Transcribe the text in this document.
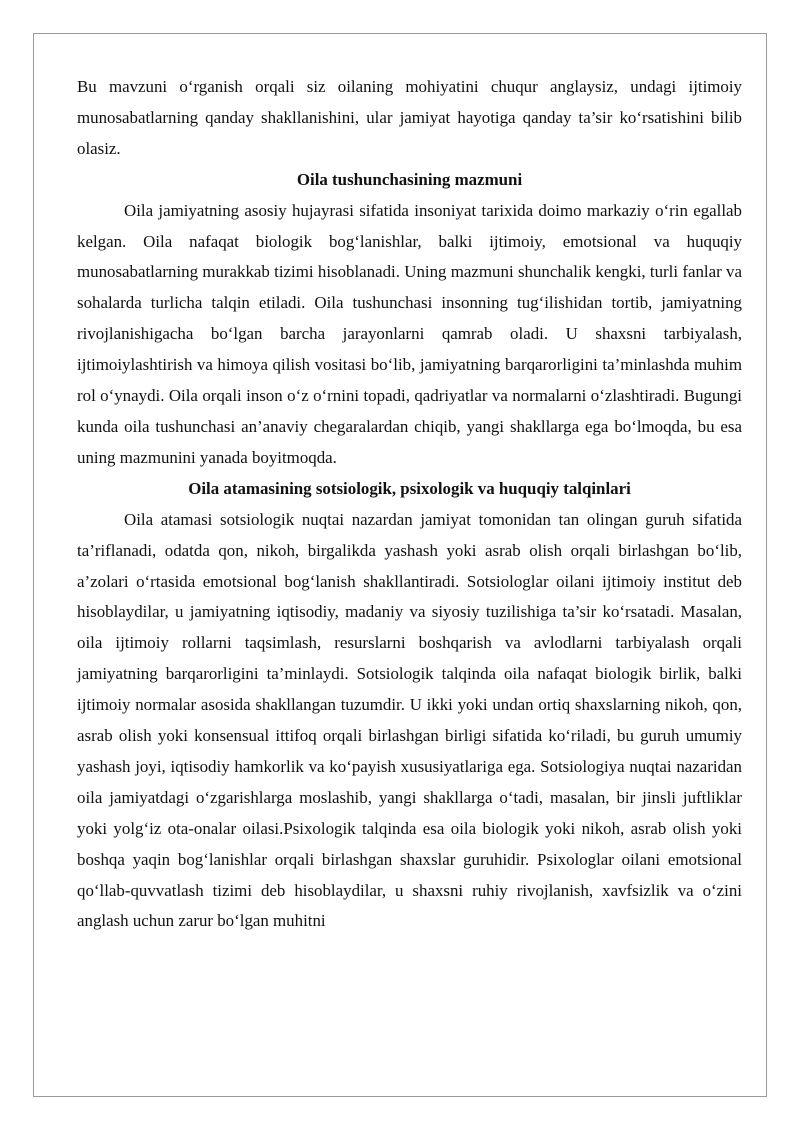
Bu mavzuni o‘rganish orqali siz oilaning mohiyatini chuqur anglaysiz, undagi ijtimoiy munosabatlarning qanday shakllanishini, ular jamiyat hayotiga qanday ta’sir ko‘rsatishini bilib olasiz.

Oila tushunchasining mazmuni

Oila jamiyatning asosiy hujayrasi sifatida insoniyat tarixida doimo markaziy o‘rin egallab kelgan. Oila nafaqat biologik bog‘lanishlar, balki ijtimoiy, emotsional va huquqiy munosabatlarning murakkab tizimi hisoblanadi. Uning mazmuni shunchalik kengki, turli fanlar va sohalarda turlicha talqin etiladi. Oila tushunchasi insonning tug‘ilishidan tortib, jamiyatning rivojlanishigacha bo‘lgan barcha jarayonlarni qamrab oladi. U shaxsni tarbiyalash, ijtimoiylashtirish va himoya qilish vositasi bo‘lib, jamiyatning barqarorligini ta’minlashda muhim rol o‘ynaydi. Oila orqali inson o‘z o‘rnini topadi, qadriyatlar va normalarni o‘zlashtiradi. Bugungi kunda oila tushunchasi an’anaviy chegaralardan chiqib, yangi shakllarga ega bo‘lmoqda, bu esa uning mazmunini yanada boyitmoqda.

Oila atamasining sotsiologik, psixologik va huquqiy talqinlari

Oila atamasi sotsiologik nuqtai nazardan jamiyat tomonidan tan olingan guruh sifatida ta’riflanadi, odatda qon, nikoh, birgalikda yashash yoki asrab olish orqali birlashgan bo‘lib, a’zolari o‘rtasida emotsional bog‘lanish shakllantiradi. Sotsiologlar oilani ijtimoiy institut deb hisoblaydilar, u jamiyatning iqtisodiy, madaniy va siyosiy tuzilishiga ta’sir ko‘rsatadi. Masalan, oila ijtimoiy rollarni taqsimlash, resurslarni boshqarish va avlodlarni tarbiyalash orqali jamiyatning barqarorligini ta’minlaydi. Sotsiologik talqinda oila nafaqat biologik birlik, balki ijtimoiy normalar asosida shakllangan tuzumdir. U ikki yoki undan ortiq shaxslarning nikoh, qon, asrab olish yoki konsensual ittifoq orqali birlashgan birligi sifatida ko‘riladi, bu guruh umumiy yashash joyi, iqtisodiy hamkorlik va ko‘payish xususiyatlariga ega. Sotsiologiya nuqtai nazaridan oila jamiyatdagi o‘zgarishlarga moslashib, yangi shakllarga o‘tadi, masalan, bir jinsli juftliklar yoki yolg‘iz ota-onalar oilasi.Psixologik talqinda esa oila biologik yoki nikoh, asrab olish yoki boshqa yaqin bog‘lanishlar orqali birlashgan shaxslar guruhidir. Psixologlar oilani emotsional qo‘llab-quvvatlash tizimi deb hisoblaydilar, u shaxsni ruhiy rivojlanish, xavfsizlik va o‘zini anglash uchun zarur bo‘lgan muhitni
